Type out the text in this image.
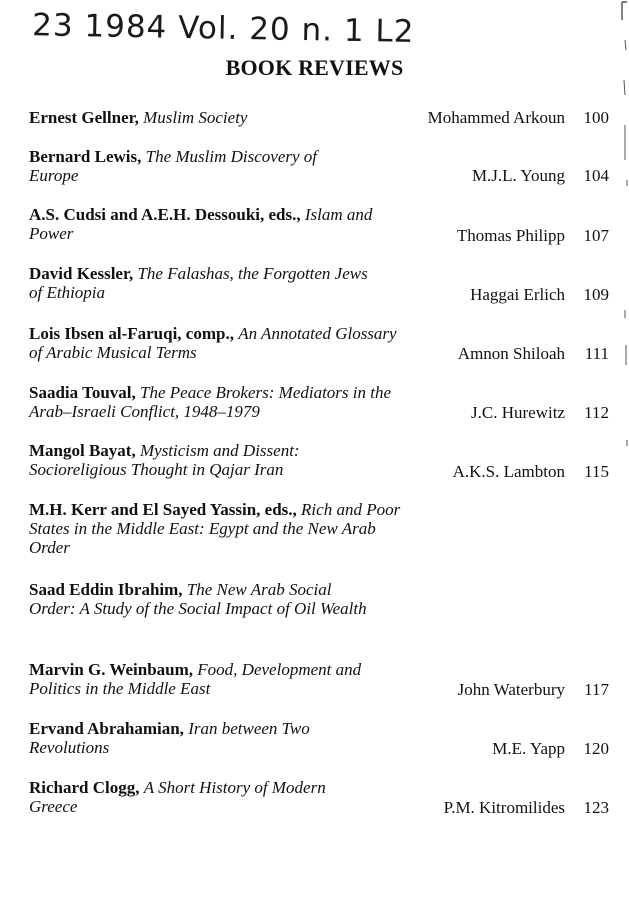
23 1984 Vol. 20 n. 1 L2
BOOK REVIEWS
Ernest Gellner, Muslim Society	Mohammed Arkoun	100
Bernard Lewis, The Muslim Discovery of Europe	M.J.L. Young	104
A.S. Cudsi and A.E.H. Dessouki, eds., Islam and Power	Thomas Philipp	107
David Kessler, The Falashas, the Forgotten Jews of Ethiopia	Haggai Erlich	109
Lois Ibsen al-Faruqi, comp., An Annotated Glossary of Arabic Musical Terms	Amnon Shiloah	111
Saadia Touval, The Peace Brokers: Mediators in the Arab–Israeli Conflict, 1948–1979	J.C. Hurewitz	112
Mangol Bayat, Mysticism and Dissent: Socioreligious Thought in Qajar Iran	A.K.S. Lambton	115
M.H. Kerr and El Sayed Yassin, eds., Rich and Poor States in the Middle East: Egypt and the New Arab Order
Saad Eddin Ibrahim, The New Arab Social Order: A Study of the Social Impact of Oil Wealth
Marvin G. Weinbaum, Food, Development and Politics in the Middle East	John Waterbury	117
Ervand Abrahamian, Iran between Two Revolutions	M.E. Yapp	120
Richard Clogg, A Short History of Modern Greece	P.M. Kitromilides	123
